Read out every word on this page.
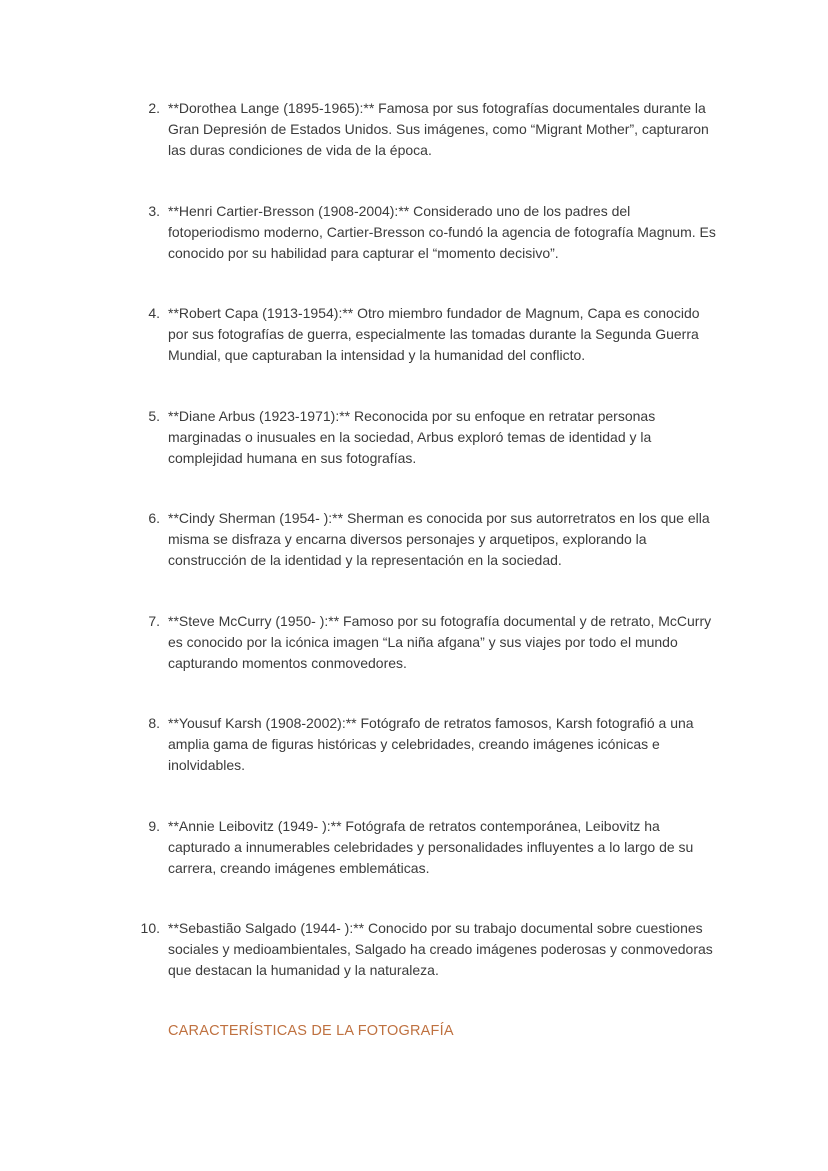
2. **Dorothea Lange (1895-1965):** Famosa por sus fotografías documentales durante la Gran Depresión de Estados Unidos. Sus imágenes, como “Migrant Mother”, capturaron las duras condiciones de vida de la época.
3. **Henri Cartier-Bresson (1908-2004):** Considerado uno de los padres del fotoperiodismo moderno, Cartier-Bresson co-fundó la agencia de fotografía Magnum. Es conocido por su habilidad para capturar el “momento decisivo”.
4. **Robert Capa (1913-1954):** Otro miembro fundador de Magnum, Capa es conocido por sus fotografías de guerra, especialmente las tomadas durante la Segunda Guerra Mundial, que capturaban la intensidad y la humanidad del conflicto.
5. **Diane Arbus (1923-1971):** Reconocida por su enfoque en retratar personas marginadas o inusuales en la sociedad, Arbus exploró temas de identidad y la complejidad humana en sus fotografías.
6. **Cindy Sherman (1954- ):** Sherman es conocida por sus autorretratos en los que ella misma se disfraza y encarna diversos personajes y arquetipos, explorando la construcción de la identidad y la representación en la sociedad.
7. **Steve McCurry (1950- ):** Famoso por su fotografía documental y de retrato, McCurry es conocido por la icónica imagen “La niña afgana” y sus viajes por todo el mundo capturando momentos conmovedores.
8. **Yousuf Karsh (1908-2002):** Fotógrafo de retratos famosos, Karsh fotografió a una amplia gama de figuras históricas y celebridades, creando imágenes icónicas e inolvidables.
9. **Annie Leibovitz (1949- ):** Fotógrafa de retratos contemporánea, Leibovitz ha capturado a innumerables celebridades y personalidades influyentes a lo largo de su carrera, creando imágenes emblemáticas.
10. **Sebastião Salgado (1944- ):** Conocido por su trabajo documental sobre cuestiones sociales y medioambientales, Salgado ha creado imágenes poderosas y conmovedoras que destacan la humanidad y la naturaleza.
CARACTERÍSTICAS DE LA FOTOGRAFÍA
